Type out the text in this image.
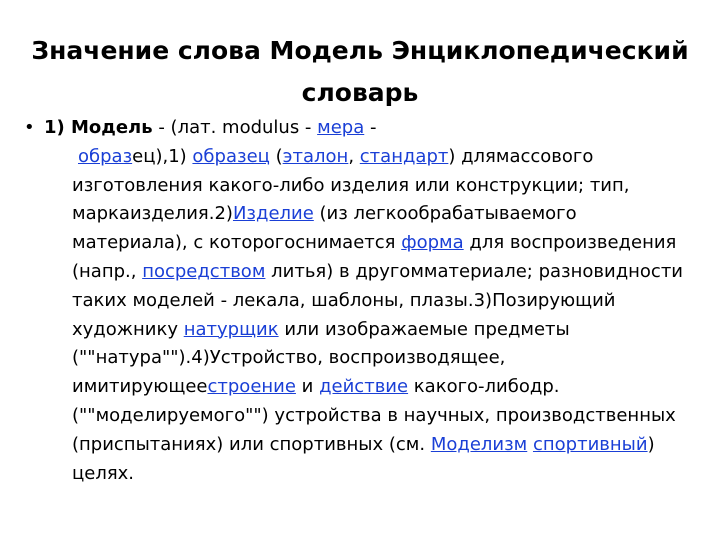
Значение слова Модель Энциклопедический
словарь
• 1) Модель - (лат. modulus - мера -
образец),1) образец (эталон, стандарт) длямассового изготовления какого-либо изделия или конструкции; тип, маркаизделия.2)Изделие (из легкообрабатываемого материала), с которогоснимается форма для воспроизведения (напр., посредством литья) в другомматериале; разновидности таких моделей - лекала, шаблоны, плазы.3)Позирующий художнику натурщик или изображаемые предметы (""натура"").4)Устройство, воспроизводящее, имитирующеестроение и действие какого-либодр. (""моделируемого"") устройства в научных, производственных (приспытаниях) или спортивных (см. Моделизм спортивный) целях.
